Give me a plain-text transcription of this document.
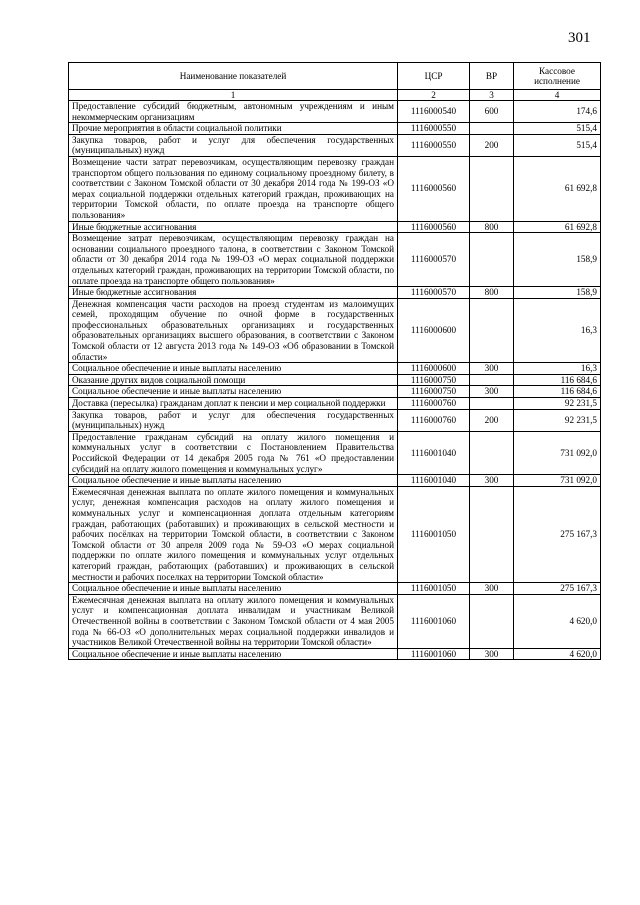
301
Наименование показателей	ЦСР	ВР	Кассовое исполнение
1	2	3	4
Предоставление субсидий бюджетным, автономным учреждениям и иным некоммерческим организациям	1116000540	600	174,6
Прочие мероприятия в области социальной политики	1116000550		515,4
Закупка товаров, работ и услуг для обеспечения государственных (муниципальных) нужд	1116000550	200	515,4
Возмещение части затрат перевозчикам, осуществляющим перевозку граждан транспортом общего пользования по единому социальному проездному билету, в соответствии с Законом Томской области от 30 декабря 2014 года № 199-ОЗ «О мерах социальной поддержки отдельных категорий граждан, проживающих на территории Томской области, по оплате проезда на транспорте общего пользования»	1116000560		61 692,8
Иные бюджетные ассигнования	1116000560	800	61 692,8
Возмещение затрат перевозчикам, осуществляющим перевозку граждан на основании социального проездного талона, в соответствии с Законом Томской области от 30 декабря 2014 года № 199-ОЗ «О мерах социальной поддержки отдельных категорий граждан, проживающих на территории Томской области, по оплате проезда на транспорте общего пользования»	1116000570		158,9
Иные бюджетные ассигнования	1116000570	800	158,9
Денежная компенсация части расходов на проезд студентам из малоимущих семей, проходящим обучение по очной форме в государственных профессиональных образовательных организациях и государственных образовательных организациях высшего образования, в соответствии с Законом Томской области от 12 августа 2013 года № 149-ОЗ «Об образовании в Томской области»	1116000600		16,3
Социальное обеспечение и иные выплаты населению	1116000600	300	16,3
Оказание других видов социальной помощи	1116000750		116 684,6
Социальное обеспечение и иные выплаты населению	1116000750	300	116 684,6
Доставка (пересылка) гражданам доплат к пенсии и мер социальной поддержки	1116000760		92 231,5
Закупка товаров, работ и услуг для обеспечения государственных (муниципальных) нужд	1116000760	200	92 231,5
Предоставление гражданам субсидий на оплату жилого помещения и коммунальных услуг в соответствии с Постановлением Правительства Российской Федерации от 14 декабря 2005 года № 761 «О предоставлении субсидий на оплату жилого помещения и коммунальных услуг»	1116001040		731 092,0
Социальное обеспечение и иные выплаты населению	1116001040	300	731 092,0
Ежемесячная денежная выплата по оплате жилого помещения и коммунальных услуг, денежная компенсация расходов на оплату жилого помещения и коммунальных услуг и компенсационная доплата отдельным категориям граждан, работающих (работавших) и проживающих в сельской местности и рабочих посёлках на территории Томской области, в соответствии с Законом Томской области от 30 апреля 2009 года № 59-ОЗ «О мерах социальной поддержки по оплате жилого помещения и коммунальных услуг отдельных категорий граждан, работающих (работавших) и проживающих в сельской местности и рабочих поселках на территории Томской области»	1116001050		275 167,3
Социальное обеспечение и иные выплаты населению	1116001050	300	275 167,3
Ежемесячная денежная выплата на оплату жилого помещения и коммунальных услуг и компенсационная доплата инвалидам и участникам Великой Отечественной войны в соответствии с Законом Томской области от 4 мая 2005 года № 66-ОЗ «О дополнительных мерах социальной поддержки инвалидов и участников Великой Отечественной войны на территории Томской области»	1116001060		4 620,0
Социальное обеспечение и иные выплаты населению	1116001060	300	4 620,0
